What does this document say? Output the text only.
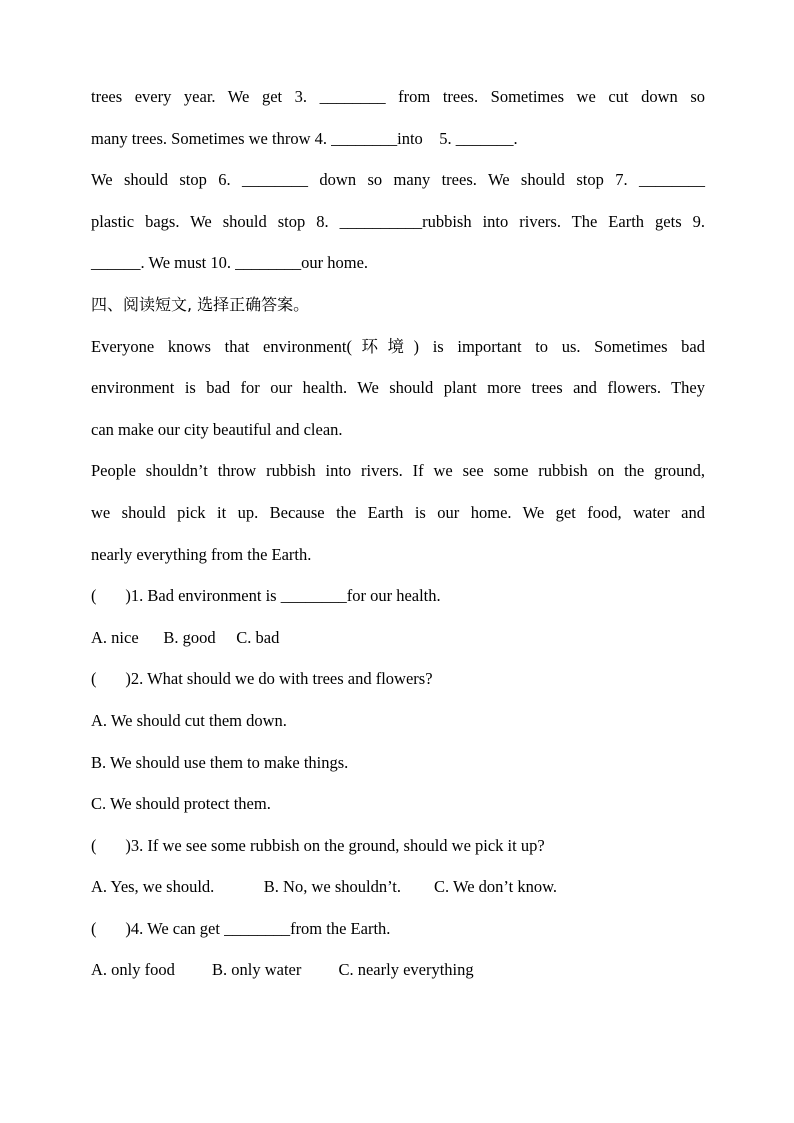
trees every year. We get 3. ________ from trees. Sometimes we cut down so
many trees. Sometimes we throw 4. ________into    5. _______.
We should stop 6. ________ down so many trees. We should stop 7. ________
plastic bags. We should stop 8. __________rubbish into rivers. The Earth gets 9.
______. We must 10. ________our home.
四、阅读短文, 选择正确答案。
Everyone knows that environment(环境) is important to us. Sometimes bad
environment is bad for our health. We should plant more trees and flowers. They
can make our city beautiful and clean.
People shouldn’t throw rubbish into rivers. If we see some rubbish on the ground,
we should pick it up. Because the Earth is our home. We get food, water and
nearly everything from the Earth.
(       )1. Bad environment is ________for our health.
A. nice      B. good     C. bad
(       )2. What should we do with trees and flowers?
A. We should cut them down.
B. We should use them to make things.
C. We should protect them.
(       )3. If we see some rubbish on the ground, should we pick it up?
A. Yes, we should.            B. No, we shouldn’t.        C. We don’t know.
(       )4. We can get ________from the Earth.
A. only food         B. only water         C. nearly everything
